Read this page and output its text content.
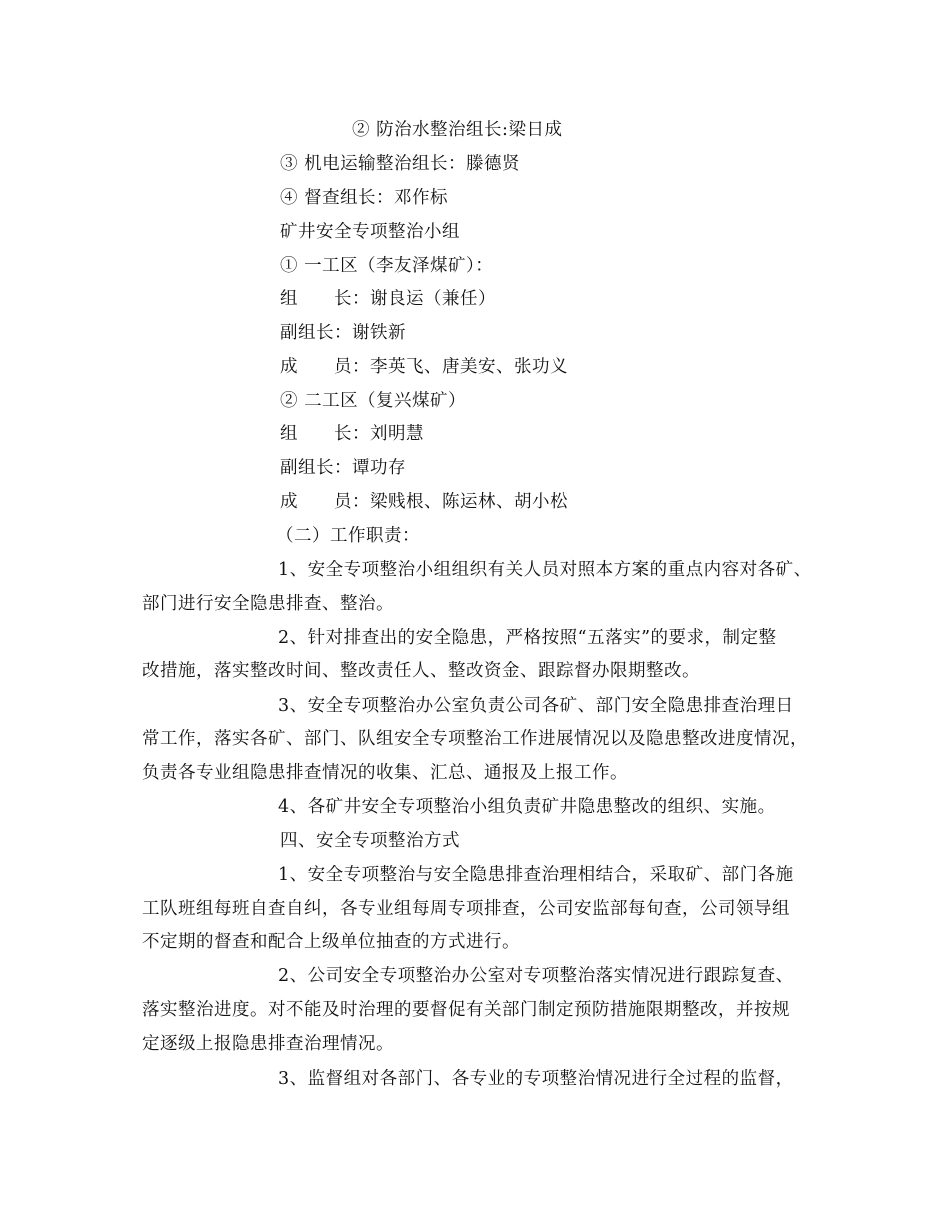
② 防治水整治组长:梁日成
③ 机电运输整治组长：滕德贤
④ 督查组长：邓作标
矿井安全专项整治小组
① 一工区（李友泽煤矿）：
组　　长：谢良运（兼任）
副组长：谢铁新
成　　员：李英飞、唐美安、张功义
② 二工区（复兴煤矿）
组　　长：刘明慧
副组长：谭功存
成　　员：梁贱根、陈运林、胡小松
（二）工作职责：
1、安全专项整治小组组织有关人员对照本方案的重点内容对各矿、
部门进行安全隐患排查、整治。
2、针对排查出的安全隐患，严格按照“五落实”的要求，制定整
改措施，落实整改时间、整改责任人、整改资金、跟踪督办限期整改。
3、安全专项整治办公室负责公司各矿、部门安全隐患排查治理日
常工作，落实各矿、部门、队组安全专项整治工作进展情况以及隐患整改进度情况，
负责各专业组隐患排查情况的收集、汇总、通报及上报工作。
4、各矿井安全专项整治小组负责矿井隐患整改的组织、实施。
四、安全专项整治方式
1、安全专项整治与安全隐患排查治理相结合，采取矿、部门各施
工队班组每班自查自纠，各专业组每周专项排查，公司安监部每旬查，公司领导组
不定期的督查和配合上级单位抽查的方式进行。
2、公司安全专项整治办公室对专项整治落实情况进行跟踪复查、
落实整治进度。对不能及时治理的要督促有关部门制定预防措施限期整改，并按规
定逐级上报隐患排查治理情况。
3、监督组对各部门、各专业的专项整治情况进行全过程的监督，
